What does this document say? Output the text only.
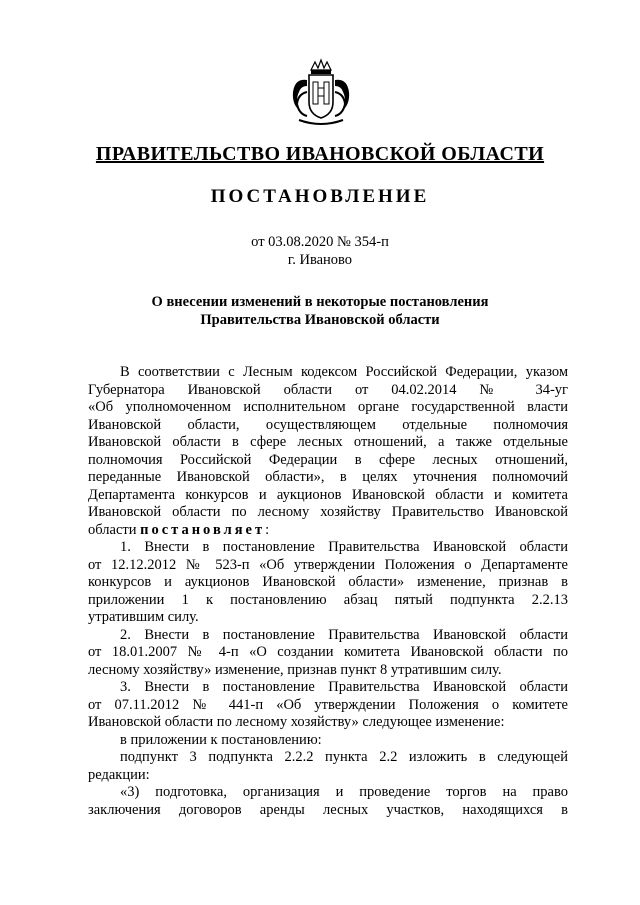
ПРАВИТЕЛЬСТВО ИВАНОВСКОЙ ОБЛАСТИ
ПОСТАНОВЛЕНИЕ
от 03.08.2020 № 354-п
г. Иваново
О внесении изменений в некоторые постановления
Правительства Ивановской области

В соответствии с Лесным кодексом Российской Федерации, указом

Губернатора Ивановской области от 04.02.2014 № 34-уг

«Об уполномоченном исполнительном органе государственной власти

Ивановской области, осуществляющем отдельные полномочия

Ивановской области в сфере лесных отношений, а также отдельные

полномочия Российской Федерации в сфере лесных отношений,

переданные Ивановской области», в целях уточнения полномочий

Департамента конкурсов и аукционов Ивановской области и комитета

Ивановской области по лесному хозяйству Правительство Ивановской

области постановляет:

1. Внести в постановление Правительства Ивановской области

от 12.12.2012 № 523-п «Об утверждении Положения о Департаменте

конкурсов и аукционов Ивановской области» изменение, признав в

приложении 1 к постановлению абзац пятый подпункта 2.2.13

утратившим силу.

2. Внести в постановление Правительства Ивановской области

от 18.01.2007 № 4-п «О создании комитета Ивановской области по

лесному хозяйству» изменение, признав пункт 8 утратившим силу.

3. Внести в постановление Правительства Ивановской области

от 07.11.2012 № 441-п «Об утверждении Положения о комитете

Ивановской области по лесному хозяйству» следующее изменение:

в приложении к постановлению:

подпункт 3 подпункта 2.2.2 пункта 2.2 изложить в следующей

редакции:

«3) подготовка, организация и проведение торгов на право

заключения договоров аренды лесных участков, находящихся в
